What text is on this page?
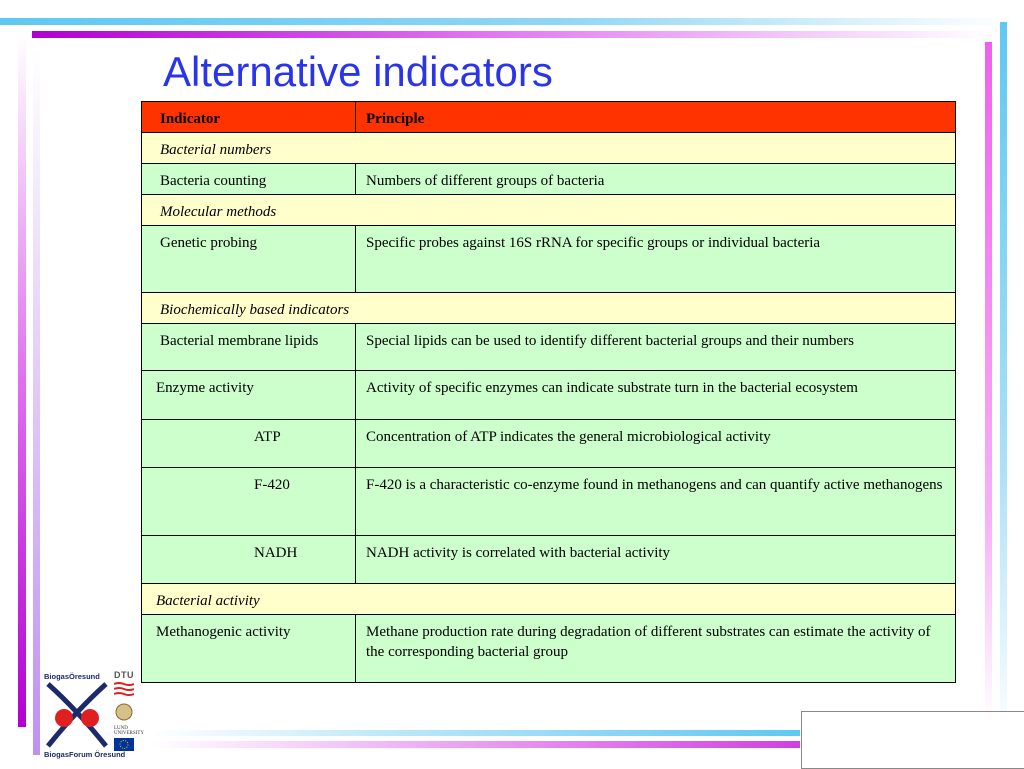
Alternative indicators
Indicator	Principle
Bacterial numbers	
Bacteria counting	Numbers of different groups of bacteria
Molecular methods	
Genetic probing	Specific probes against 16S rRNA for specific groups or individual bacteria
Biochemically based indicators	
Bacterial membrane lipids	Special lipids can be used to identify different bacterial groups and their numbers
Enzyme activity	Activity of specific enzymes can indicate substrate turn in the bacterial ecosystem
ATP	Concentration of ATP indicates the general microbiological activity
F-420	F-420 is a characteristic co-enzyme found in methanogens and can quantify active methanogens
NADH	NADH activity is correlated with bacterial activity
Bacterial activity	
Methanogenic activity	Methane production rate during degradation of different substrates can estimate the activity of the corresponding bacterial group
BiogasÖresund DTU

LUND UNIVERSITY
BiogasForum Öresund
